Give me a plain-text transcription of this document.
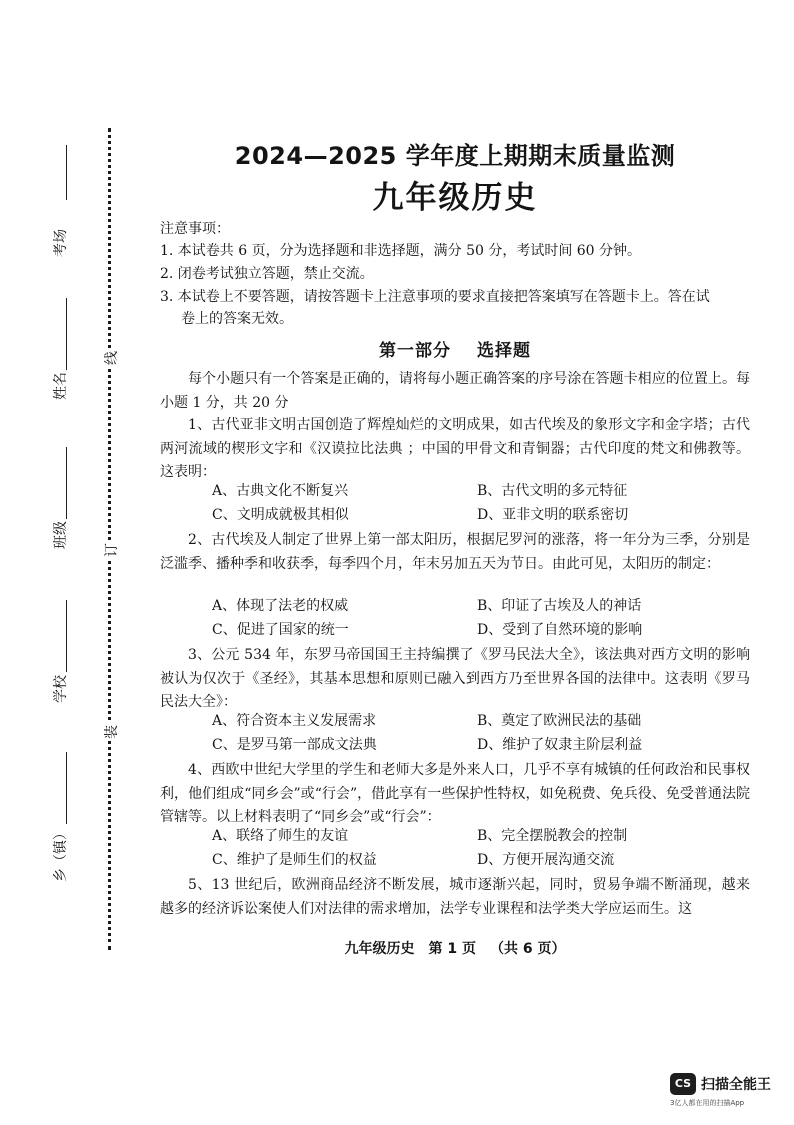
考场
姓名
班级
学校
乡（镇）
线
订
装
2024—2025 学年度上期期末质量监测
九年级历史
注意事项：
1. 本试卷共 6 页，分为选择题和非选择题，满分 50 分，考试时间 60 分钟。
2. 闭卷考试独立答题，禁止交流。
3. 本试卷上不要答题，请按答题卡上注意事项的要求直接把答案填写在答题卡上。答在试
卷上的答案无效。
第一部分 选择题

每个小题只有一个答案是正确的，请将每小题正确答案的序号涂在答题卡相应的位置上。每小题 1 分，共 20 分

1、古代亚非文明古国创造了辉煌灿烂的文明成果，如古代埃及的象形文字和金字塔；古代两河流域的楔形文字和《汉谟拉比法典 ；中国的甲骨文和青铜器；古代印度的梵文和佛教等。这表明：

A、古典文化不断复兴	B、古代文明的多元特征
C、文明成就极其相似	D、亚非文明的联系密切

2、古代埃及人制定了世界上第一部太阳历，根据尼罗河的涨落，将一年分为三季，分别是泛滥季、播种季和收获季，每季四个月，年末另加五天为节日。由此可见，太阳历的制定：

A、体现了法老的权威	B、印证了古埃及人的神话
C、促进了国家的统一	D、受到了自然环境的影响

3、公元 534 年，东罗马帝国国王主持编撰了《罗马民法大全》，该法典对西方文明的影响被认为仅次于《圣经》，其基本思想和原则已融入到西方乃至世界各国的法律中。这表明《罗马民法大全》：

A、符合资本主义发展需求	B、奠定了欧洲民法的基础
C、是罗马第一部成文法典	D、维护了奴隶主阶层利益

4、西欧中世纪大学里的学生和老师大多是外来人口，几乎不享有城镇的任何政治和民事权利，他们组成“同乡会”或“行会”，借此享有一些保护性特权，如免税费、免兵役、免受普通法院管辖等。以上材料表明了“同乡会”或“行会”：

A、联络了师生的友谊	B、完全摆脱教会的控制
C、维护了是师生们的权益	D、方便开展沟通交流

5、13 世纪后，欧洲商品经济不断发展，城市逐渐兴起，同时，贸易争端不断涌现，越来越多的经济诉讼案使人们对法律的需求增加，法学专业课程和法学类大学应运而生。这

九年级历史 第 1 页 （共 6 页）
CS 扫描全能王
3亿人都在用的扫描App
